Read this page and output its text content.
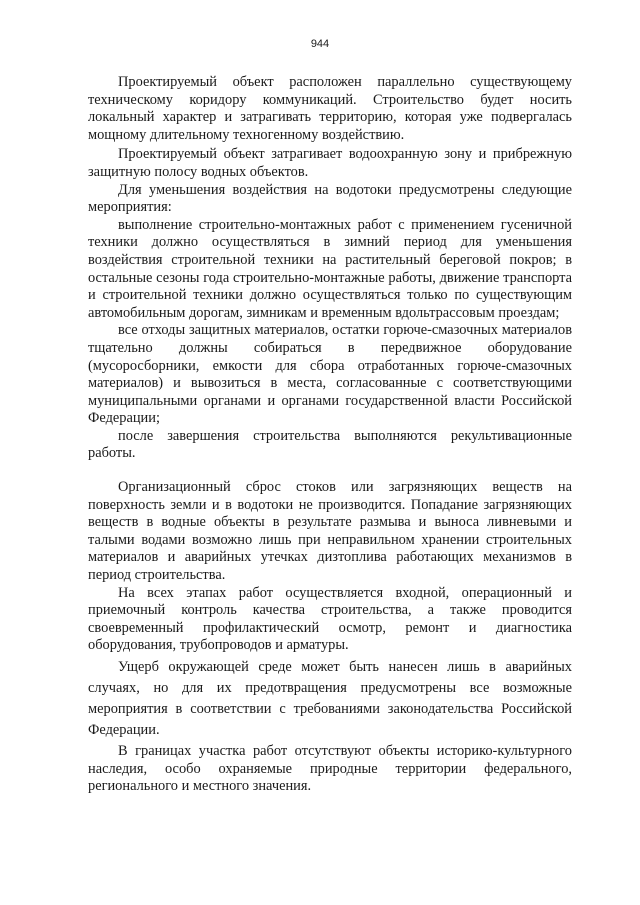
944

Проектируемый объект расположен параллельно существующему техническому коридору коммуникаций. Строительство будет носить локальный характер и затрагивать территорию, которая уже подвергалась мощному длительному техногенному воздействию.

Проектируемый объект затрагивает водоохранную зону и прибрежную защитную полосу водных объектов.

Для уменьшения воздействия на водотоки предусмотрены следующие мероприятия:

выполнение строительно-монтажных работ с применением гусеничной техники должно осуществляться в зимний период для уменьшения воздействия строительной техники на растительный береговой покров; в остальные сезоны года строительно-монтажные работы, движение транспорта и строительной техники должно осуществляться только по существующим автомобильным дорогам, зимникам и временным вдольтрассовым проездам;

все отходы защитных материалов, остатки горюче-смазочных материалов тщательно должны собираться в передвижное оборудование (мусоросборники, емкости для сбора отработанных горюче-смазочных материалов) и вывозиться в места, согласованные с соответствующими муниципальными органами и органами государственной власти Российской Федерации;

после завершения строительства выполняются рекультивационные работы.

Организационный сброс стоков или загрязняющих веществ на поверхность земли и в водотоки не производится. Попадание загрязняющих веществ в водные объекты в результате размыва и выноса ливневыми и талыми водами возможно лишь при неправильном хранении строительных материалов и аварийных утечках дизтоплива работающих механизмов в период строительства.

На всех этапах работ осуществляется входной, операционный и приемочный контроль качества строительства, а также проводится своевременный профилактический осмотр, ремонт и диагностика оборудования, трубопроводов и арматуры.

Ущерб окружающей среде может быть нанесен лишь в аварийных случаях, но для их предотвращения предусмотрены все возможные мероприятия в соответствии с требованиями законодательства Российской Федерации.

В границах участка работ отсутствуют объекты историко-культурного наследия, особо охраняемые природные территории федерального, регионального и местного значения.
